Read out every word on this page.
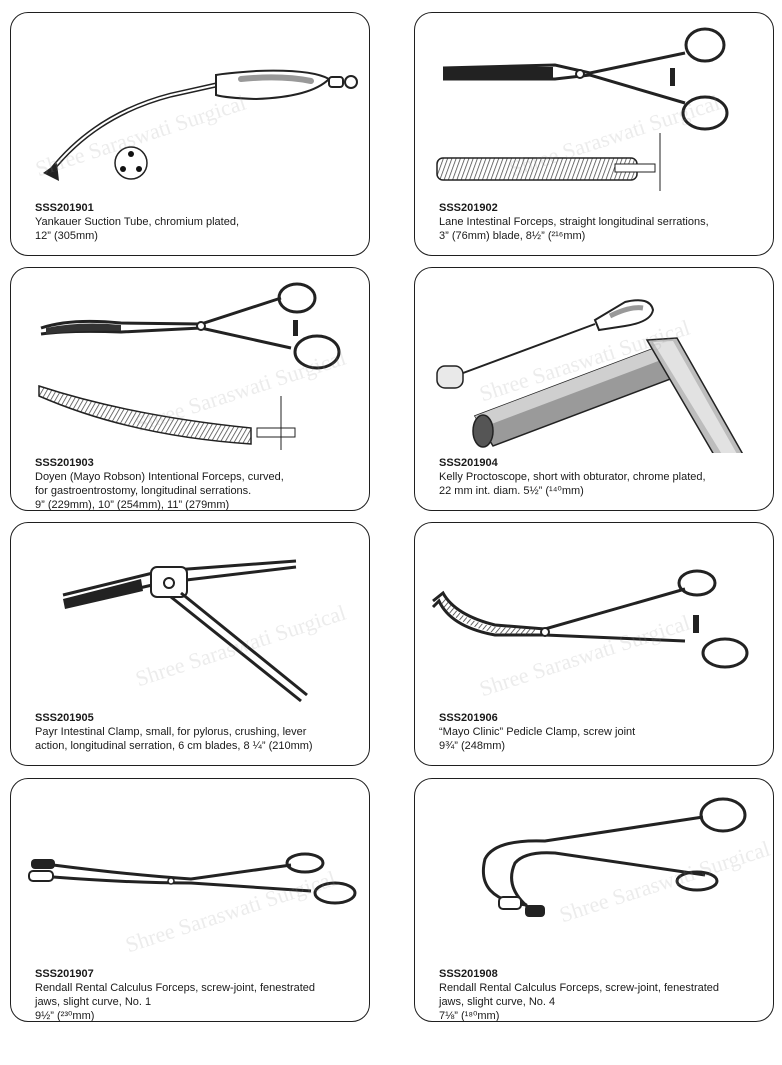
Shree Saraswati Surgical
SSS201901
Yankauer Suction Tube, chromium plated,
12” (305mm)
Shree Saraswati Surgical
SSS201902
Lane Intestinal Forceps, straight longitudinal serrations,
3” (76mm) blade, 8½” (²¹⁶mm)
Shree Saraswati Surgical
SSS201903
Doyen (Mayo Robson) Intentional Forceps, curved,
for gastroentrostomy, longitudinal serrations.
9” (229mm), 10” (254mm), 11” (279mm)
Shree Saraswati Surgical
SSS201904
Kelly Proctoscope, short with obturator, chrome plated,
22 mm int. diam. 5½” (¹⁴⁰mm)
Shree Saraswati Surgical
SSS201905
Payr Intestinal Clamp, small, for pylorus, crushing, lever
action, longitudinal serration, 6 cm blades, 8 ¼” (210mm)
Shree Saraswati Surgical
SSS201906
“Mayo Clinic” Pedicle Clamp, screw joint
9¾” (248mm)
Shree Saraswati Surgical
SSS201907
Rendall Rental Calculus Forceps, screw-joint, fenestrated
jaws, slight curve, No. 1
9½” (²³⁰mm)
Shree Saraswati Surgical
SSS201908
Rendall Rental Calculus Forceps, screw-joint, fenestrated
jaws, slight curve, No. 4
7⅛” (¹⁸⁰mm)
